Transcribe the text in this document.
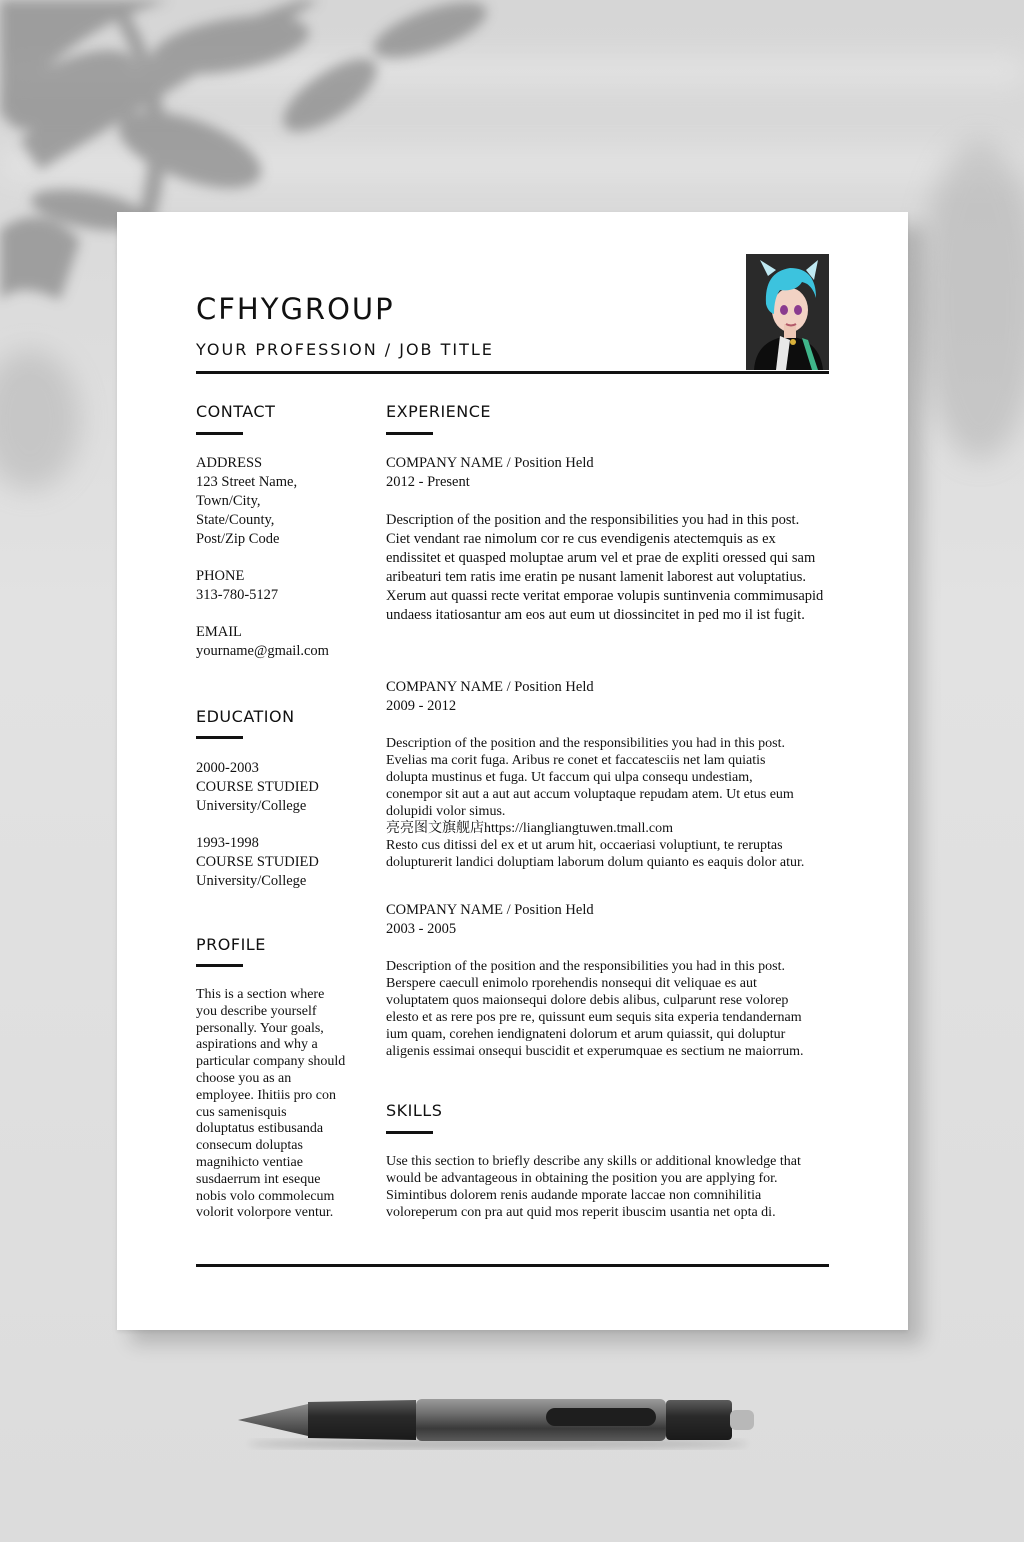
CFHYGROUP
YOUR PROFESSION / JOB TITLE
CONTACT
ADDRESS
123 Street Name,
Town/City,
State/County,
Post/Zip Code
PHONE
313-780-5127
EMAIL
yourname@gmail.com
EDUCATION
2000-2003
COURSE STUDIED
University/College
1993-1998
COURSE STUDIED
University/College
PROFILE
This is a section where
you describe yourself
personally. Your goals,
aspirations and why a
particular company should
choose you as an
employee. Ihitiis pro con
cus samenisquis
doluptatus estibusanda
consecum doluptas
magnihicto ventiae
susdaerrum int eseque
nobis volo commolecum
volorit volorpore ventur.
EXPERIENCE
COMPANY NAME / Position Held
2012 - Present
Description of the position and the responsibilities you had in this post.
Ciet vendant rae nimolum cor re cus evendigenis atectemquis as ex
endissitet et quasped moluptae arum vel et prae de expliti oressed qui sam
aribeaturi tem ratis ime eratin pe nusant lamenit laborest aut voluptatius.
Xerum aut quassi recte veritat emporae volupis suntinvenia commimusapid
undaess itatiosantur am eos aut eum ut diossincitet in ped mo il ist fugit.
COMPANY NAME / Position Held
2009 - 2012
Description of the position and the responsibilities you had in this post.
Evelias ma corit fuga. Aribus re conet et faccatesciis net lam quiatis
dolupta mustinus et fuga. Ut faccum qui ulpa consequ undestiam,
conempor sit aut a aut aut accum voluptaque repudam atem. Ut etus eum
dolupidi volor simus.
亮亮图文旗舰店https://liangliangtuwen.tmall.com
Resto cus ditissi del ex et ut arum hit, occaeriasi voluptiunt, te reruptas
dolupturerit landici doluptiam laborum dolum quianto es eaquis dolor atur.
COMPANY NAME / Position Held
2003 - 2005
Description of the position and the responsibilities you had in this post.
Berspere caecull enimolo rporehendis nonsequi dit veliquae es aut
voluptatem quos maionsequi dolore debis alibus, culparunt rese volorep
elesto et as rere pos pre re, quissunt eum sequis sita experia tendandernam
ium quam, corehen iendignateni dolorum et arum quiassit, qui doluptur
aligenis essimai onsequi buscidit et experumquae es sectium ne maiorrum.
SKILLS
Use this section to briefly describe any skills or additional knowledge that
would be advantageous in obtaining the position you are applying for.
Simintibus dolorem renis audande mporate laccae non comnihilitia
voloreperum con pra aut quid mos reperit ibuscim usantia net opta di.
